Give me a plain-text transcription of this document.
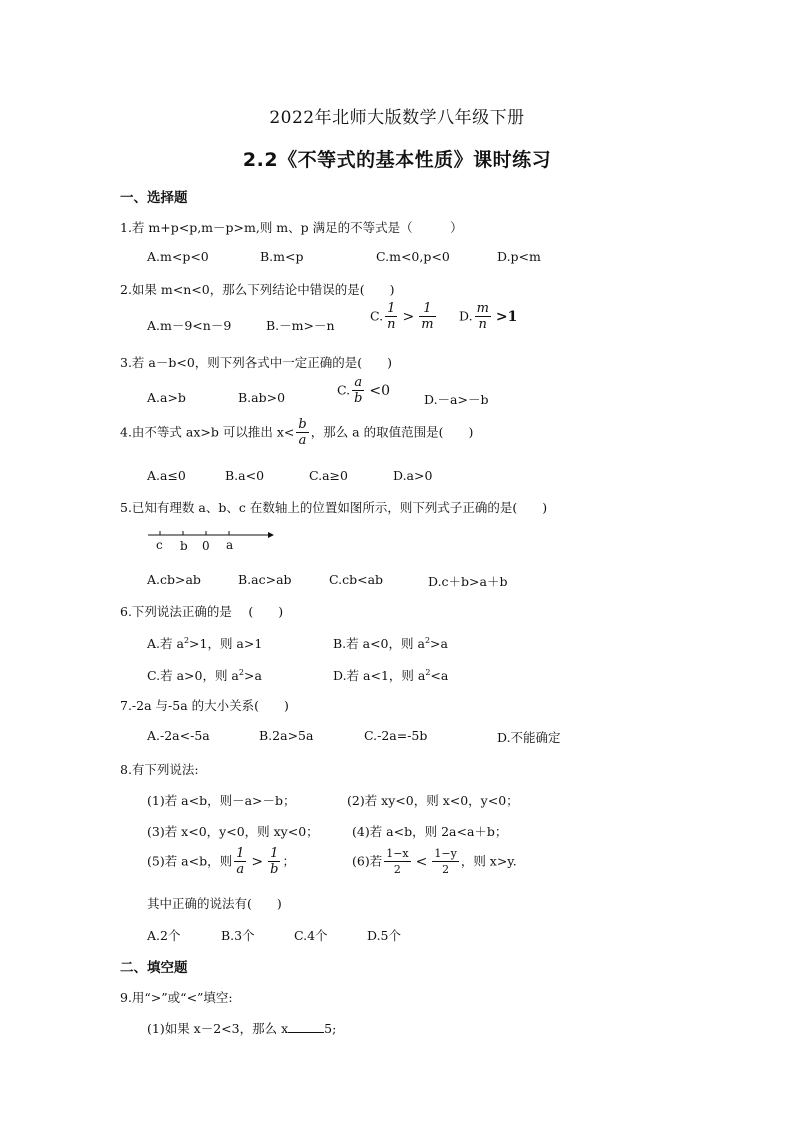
2022年北师大版数学八年级下册
2.2《不等式的基本性质》课时练习
一、选择题
1.若 m+p<p,m－p>m,则 m、p 满足的不等式是（　　　）
A.m<p<0	B.m<p	C.m<0,p<0	D.p<m
2.如果 m<n<0，那么下列结论中错误的是(　　)
A.m－9<n－9	B.－m>－n
C. $\frac{1}{n} > \frac{1}{m} D$. $\frac{m}{n} >1$
3.若 a－b<0，则下列各式中一定正确的是(　　)
A.a>b	B.ab>0	C. $\frac{a}{b} <0$
D.－a>－b
4.由不等式 ax>b 可以推出 $x< \frac{b}{a}$ ，那么 a 的取值范围是(　　)
A.a≤0	B.a<0	C.a≥0	D.a>0
5.已知有理数 a、b、c 在数轴上的位置如图所示，则下列式子正确的是(　　)
c b 0 a
A.cb>ab	B.ac>ab	C.cb<ab	D.c＋b>a＋b
6.下列说法正确的是　 (　　)
A.若 $a^2>1$，则 a>1	B.若 a<0，则 $a^2>a$
C.若 a>0，则 $a^2>a$	D.若 a<1，则 $a^2<a$
7.-2a 与-5a 的大小关系(　　)
A.-2a<-5a	B.2a>5a	C.-2a=-5b	D.不能确定
8.有下列说法:
(1)若 a<b，则－a>－b；	(2)若 xy<0，则 x<0，y<0；
(3)若 x<0，y<0，则 xy<0；	(4)若 a<b，则 2a<a＋b；
(5)若 a<b，则 $\frac{1}{a} > \frac{1}{b}$ ；	(6)若 $\frac{1-x}{2} < \frac{1-y}{2}$ ，则 x>y.
其中正确的说法有(　　)
A.2个	B.3个	C.4个	D.5个
二、填空题
9.用“>”或“<”填空:
(1)如果 x－2<3，那么 x	5;
